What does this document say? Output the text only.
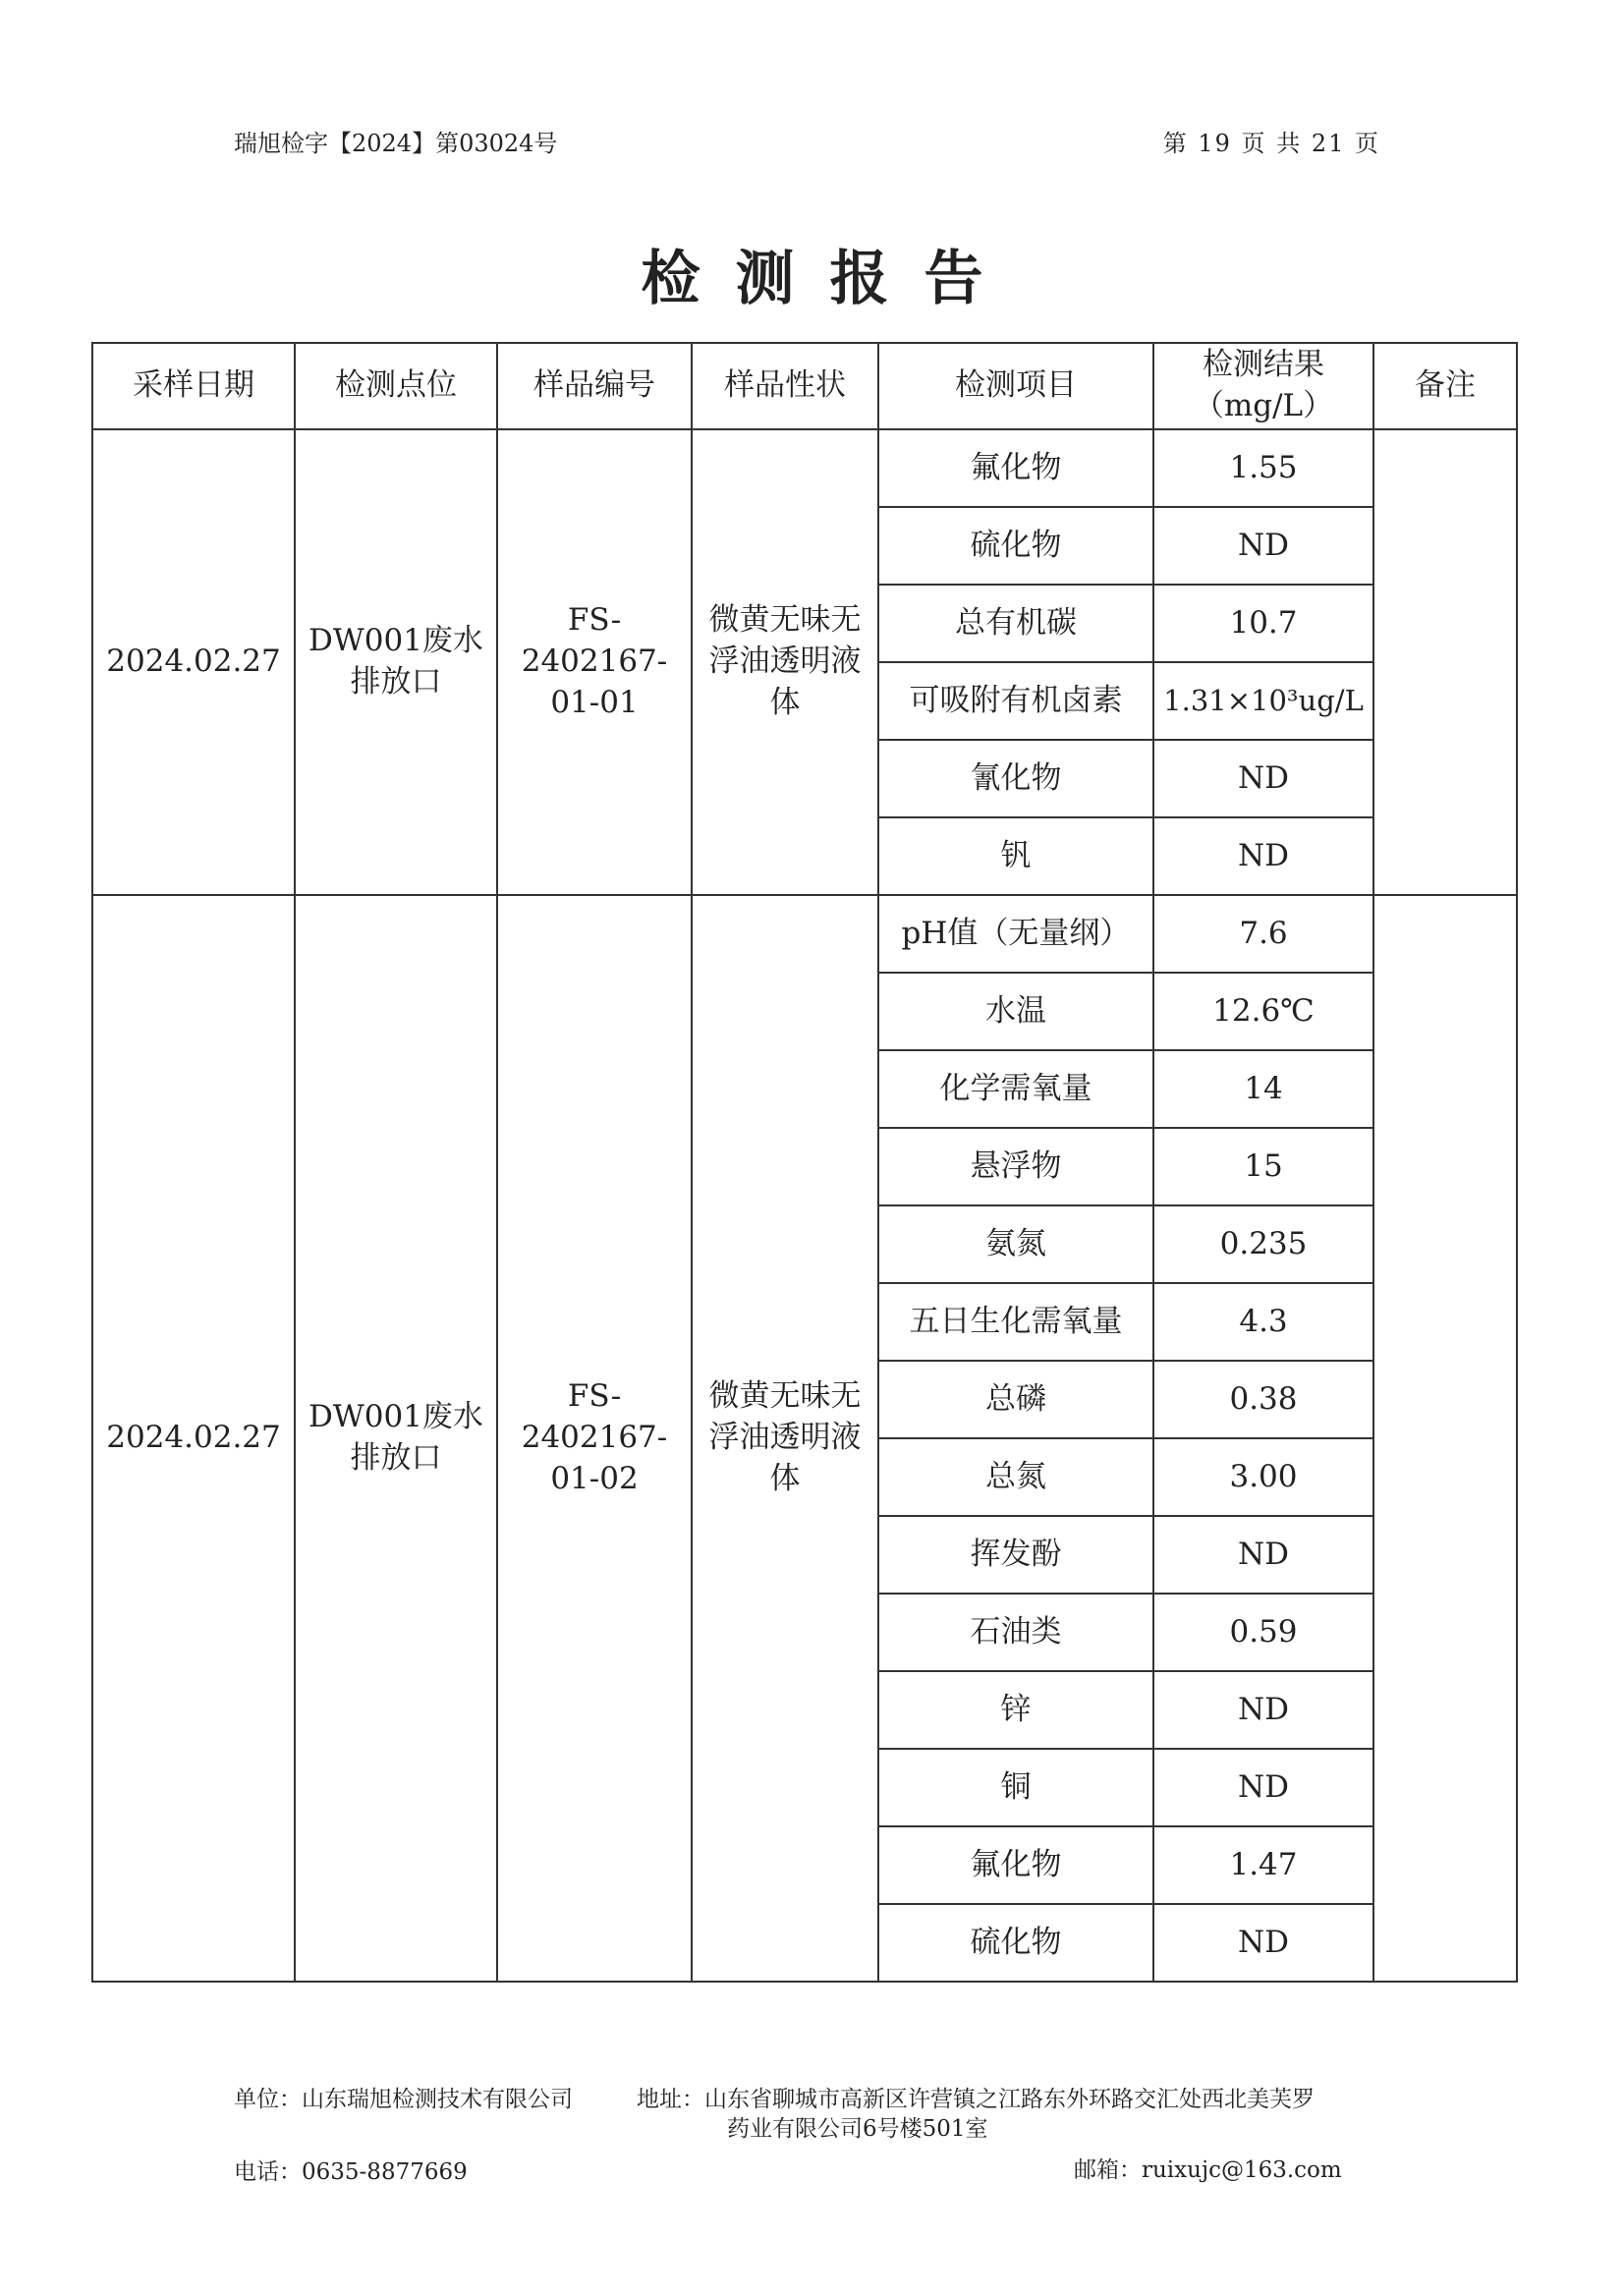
瑞旭检字【2024】第03024号	第 19 页 共 21 页
检测报告
采样日期	检测点位	样品编号	样品性状	检测项目	检测结果（mg/L）	备注
2024.02.27	DW001废水排放口	FS-2402167-01-01	微黄无味无浮油透明液体	氟化物	1.55	
				硫化物	ND	
				总有机碳	10.7	
				可吸附有机卤素	1.31×10³ug/L	
				氰化物	ND	
				钒	ND	
2024.02.27	DW001废水排放口	FS-2402167-01-02	微黄无味无浮油透明液体	pH值（无量纲）	7.6	
				水温	12.6℃	
				化学需氧量	14	
				悬浮物	15	
				氨氮	0.235	
				五日生化需氧量	4.3	
				总磷	0.38	
				总氮	3.00	
				挥发酚	ND	
				石油类	0.59	
				锌	ND	
				铜	ND	
				氟化物	1.47	
				硫化物	ND	
单位：山东瑞旭检测技术有限公司	地址：山东省聊城市高新区许营镇之江路东外环路交汇处西北美芙罗
药业有限公司6号楼501室
电话：0635-8877669	邮箱：ruixujc@163.com
